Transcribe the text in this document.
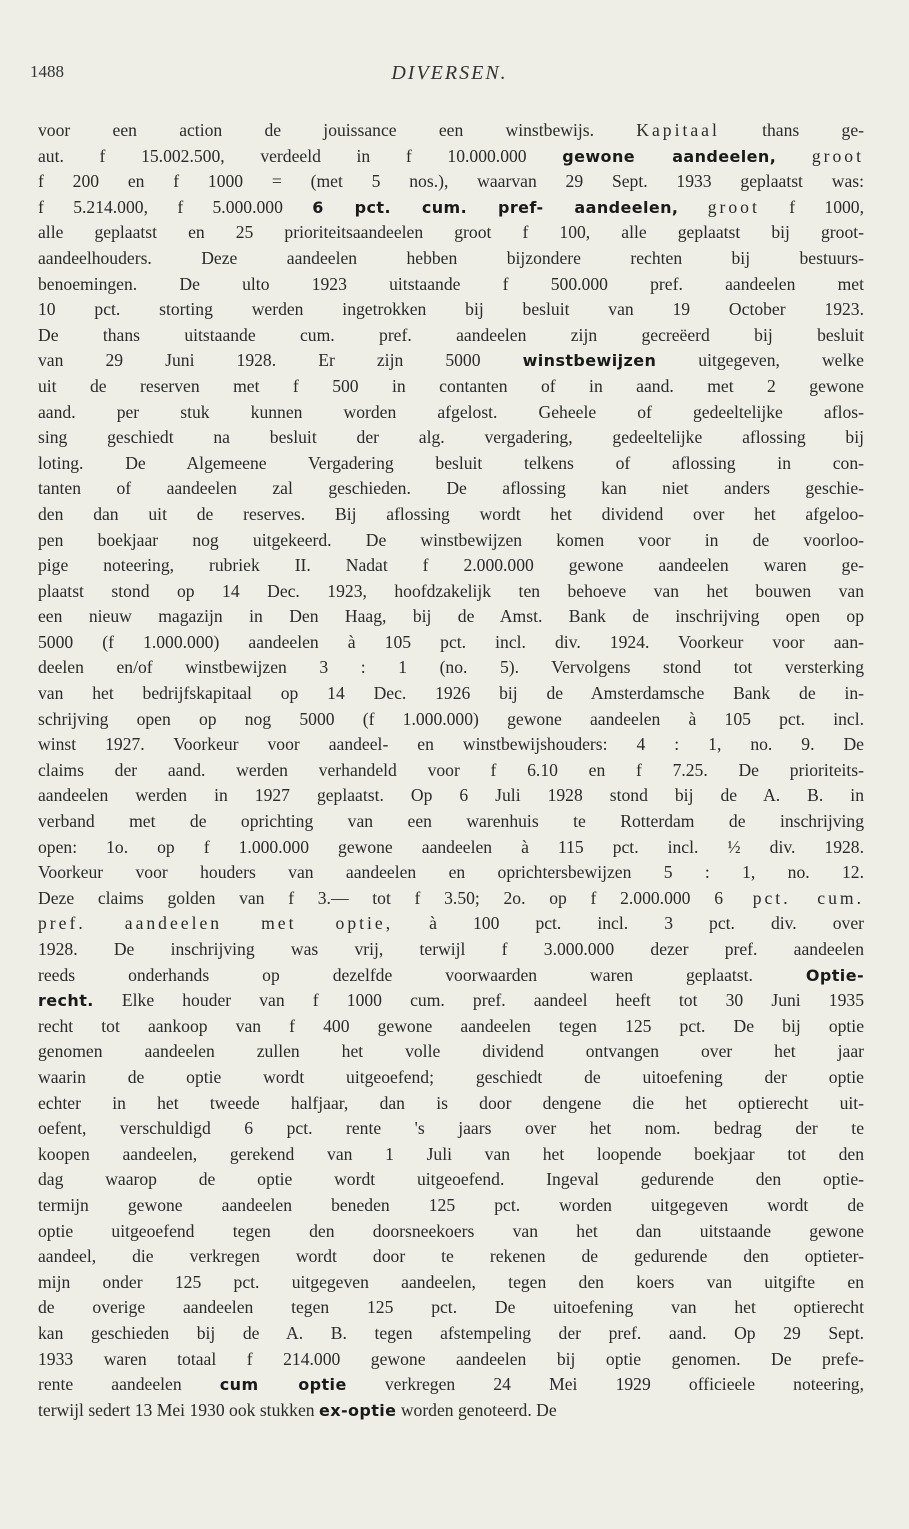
1488	DIVERSEN.
voor een action de jouissance een winstbewijs. Kapitaal thans ge-
aut. f 15.002.500, verdeeld in f 10.000.000 gewone aandeelen, groot
f 200 en f 1000 = (met 5 nos.), waarvan 29 Sept. 1933 geplaatst was:
f 5.214.000, f 5.000.000 6 pct. cum. pref- aandeelen, groot f 1000,
alle geplaatst en 25 prioriteitsaandeelen groot f 100, alle geplaatst bij groot-
aandeelhouders. Deze aandeelen hebben bijzondere rechten bij bestuurs-
benoemingen. De ulto 1923 uitstaande f 500.000 pref. aandeelen met
10 pct. storting werden ingetrokken bij besluit van 19 October 1923.
De thans uitstaande cum. pref. aandeelen zijn gecreëerd bij besluit
van 29 Juni 1928. Er zijn 5000 winstbewijzen uitgegeven, welke
uit de reserven met f 500 in contanten of in aand. met 2 gewone
aand. per stuk kunnen worden afgelost. Geheele of gedeeltelijke aflos-
sing geschiedt na besluit der alg. vergadering, gedeeltelijke aflossing bij
loting. De Algemeene Vergadering besluit telkens of aflossing in con-
tanten of aandeelen zal geschieden. De aflossing kan niet anders geschie-
den dan uit de reserves. Bij aflossing wordt het dividend over het afgeloo-
pen boekjaar nog uitgekeerd. De winstbewijzen komen voor in de voorloo-
pige noteering, rubriek II. Nadat f 2.000.000 gewone aandeelen waren ge-
plaatst stond op 14 Dec. 1923, hoofdzakelijk ten behoeve van het bouwen van
een nieuw magazijn in Den Haag, bij de Amst. Bank de inschrijving open op
5000 (f 1.000.000) aandeelen à 105 pct. incl. div. 1924. Voorkeur voor aan-
deelen en/of winstbewijzen 3 : 1 (no. 5). Vervolgens stond tot versterking
van het bedrijfskapitaal op 14 Dec. 1926 bij de Amsterdamsche Bank de in-
schrijving open op nog 5000 (f 1.000.000) gewone aandeelen à 105 pct. incl.
winst 1927. Voorkeur voor aandeel- en winstbewijshouders: 4 : 1, no. 9. De
claims der aand. werden verhandeld voor f 6.10 en f 7.25. De prioriteits-
aandeelen werden in 1927 geplaatst. Op 6 Juli 1928 stond bij de A. B. in
verband met de oprichting van een warenhuis te Rotterdam de inschrijving
open: 1o. op f 1.000.000 gewone aandeelen à 115 pct. incl. ½ div. 1928.
Voorkeur voor houders van aandeelen en oprichtersbewijzen 5 : 1, no. 12.
Deze claims golden van f 3.— tot f 3.50; 2o. op f 2.000.000 6 pct. cum.
pref. aandeelen met optie, à 100 pct. incl. 3 pct. div. over
1928. De inschrijving was vrij, terwijl f 3.000.000 dezer pref. aandeelen
reeds onderhands op dezelfde voorwaarden waren geplaatst. Optie-
recht. Elke houder van f 1000 cum. pref. aandeel heeft tot 30 Juni 1935
recht tot aankoop van f 400 gewone aandeelen tegen 125 pct. De bij optie
genomen aandeelen zullen het volle dividend ontvangen over het jaar
waarin de optie wordt uitgeoefend; geschiedt de uitoefening der optie
echter in het tweede halfjaar, dan is door dengene die het optierecht uit-
oefent, verschuldigd 6 pct. rente 's jaars over het nom. bedrag der te
koopen aandeelen, gerekend van 1 Juli van het loopende boekjaar tot den
dag waarop de optie wordt uitgeoefend. Ingeval gedurende den optie-
termijn gewone aandeelen beneden 125 pct. worden uitgegeven wordt de
optie uitgeoefend tegen den doorsneekoers van het dan uitstaande gewone
aandeel, die verkregen wordt door te rekenen de gedurende den optieter-
mijn onder 125 pct. uitgegeven aandeelen, tegen den koers van uitgifte en
de overige aandeelen tegen 125 pct. De uitoefening van het optierecht
kan geschieden bij de A. B. tegen afstempeling der pref. aand. Op 29 Sept.
1933 waren totaal f 214.000 gewone aandeelen bij optie genomen. De prefe-
rente aandeelen cum optie verkregen 24 Mei 1929 officieele noteering,
terwijl sedert 13 Mei 1930 ook stukken ex-optie worden genoteerd. De
